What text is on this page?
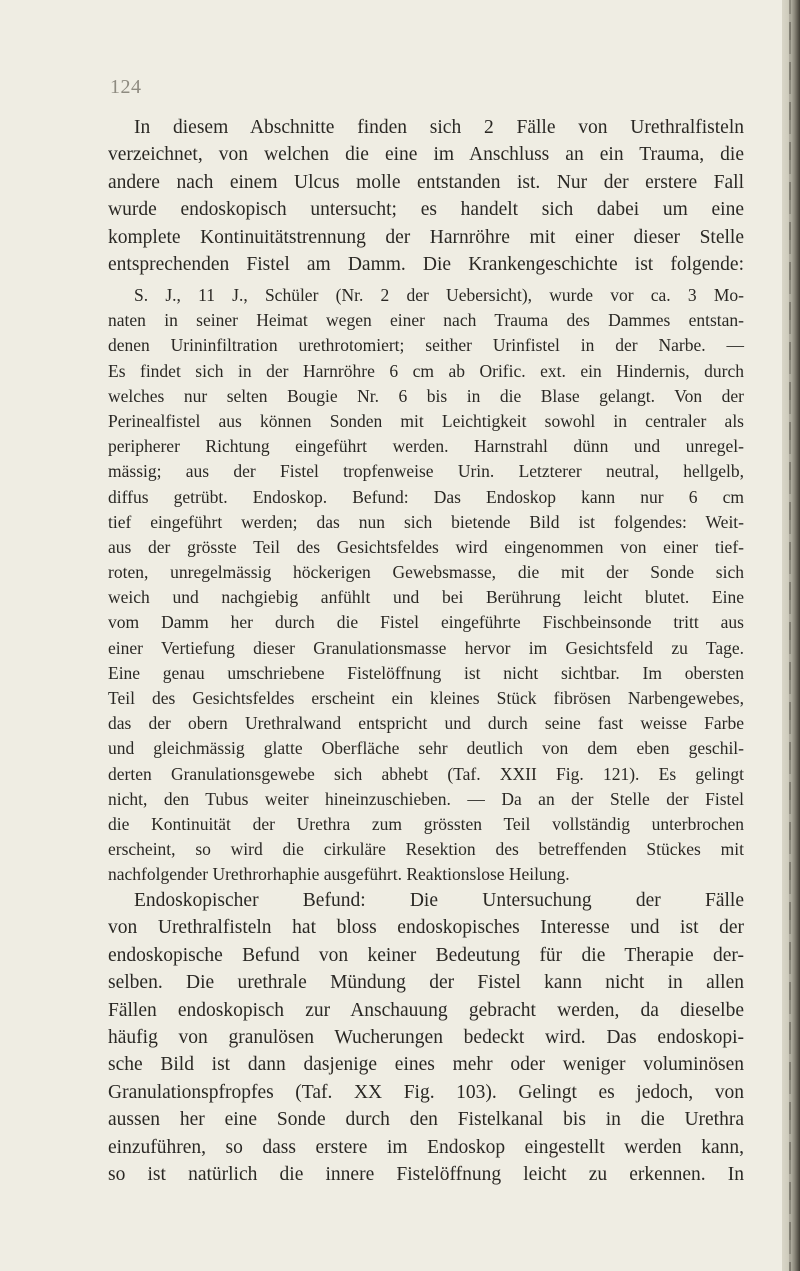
124
In diesem Abschnitte finden sich 2 Fälle von Urethralfisteln
verzeichnet, von welchen die eine im Anschluss an ein Trauma, die
andere nach einem Ulcus molle entstanden ist. Nur der erstere Fall
wurde endoskopisch untersucht; es handelt sich dabei um eine
komplete Kontinuitätstrennung der Harnröhre mit einer dieser Stelle
entsprechenden Fistel am Damm. Die Krankengeschichte ist folgende:
S. J., 11 J., Schüler (Nr. 2 der Uebersicht), wurde vor ca. 3 Mo-
naten in seiner Heimat wegen einer nach Trauma des Dammes entstan-
denen Urininfiltration urethrotomiert; seither Urinfistel in der Narbe. —
Es findet sich in der Harnröhre 6 cm ab Orific. ext. ein Hindernis, durch
welches nur selten Bougie Nr. 6 bis in die Blase gelangt. Von der
Perinealfistel aus können Sonden mit Leichtigkeit sowohl in centraler als
peripherer Richtung eingeführt werden. Harnstrahl dünn und unregel-
mässig; aus der Fistel tropfenweise Urin. Letzterer neutral, hellgelb,
diffus getrübt. Endoskop. Befund: Das Endoskop kann nur 6 cm
tief eingeführt werden; das nun sich bietende Bild ist folgendes: Weit-
aus der grösste Teil des Gesichtsfeldes wird eingenommen von einer tief-
roten, unregelmässig höckerigen Gewebsmasse, die mit der Sonde sich
weich und nachgiebig anfühlt und bei Berührung leicht blutet. Eine
vom Damm her durch die Fistel eingeführte Fischbeinsonde tritt aus
einer Vertiefung dieser Granulationsmasse hervor im Gesichtsfeld zu Tage.
Eine genau umschriebene Fistelöffnung ist nicht sichtbar. Im obersten
Teil des Gesichtsfeldes erscheint ein kleines Stück fibrösen Narbengewebes,
das der obern Urethralwand entspricht und durch seine fast weisse Farbe
und gleichmässig glatte Oberfläche sehr deutlich von dem eben geschil-
derten Granulationsgewebe sich abhebt (Taf. XXII Fig. 121). Es gelingt
nicht, den Tubus weiter hineinzuschieben. — Da an der Stelle der Fistel
die Kontinuität der Urethra zum grössten Teil vollständig unterbrochen
erscheint, so wird die cirkuläre Resektion des betreffenden Stückes mit
nachfolgender Urethrorhaphie ausgeführt. Reaktionslose Heilung.
Endoskopischer Befund: Die Untersuchung der Fälle
von Urethralfisteln hat bloss endoskopisches Interesse und ist der
endoskopische Befund von keiner Bedeutung für die Therapie der-
selben. Die urethrale Mündung der Fistel kann nicht in allen
Fällen endoskopisch zur Anschauung gebracht werden, da dieselbe
häufig von granulösen Wucherungen bedeckt wird. Das endoskopi-
sche Bild ist dann dasjenige eines mehr oder weniger voluminösen
Granulationspfropfes (Taf. XX Fig. 103). Gelingt es jedoch, von
aussen her eine Sonde durch den Fistelkanal bis in die Urethra
einzuführen, so dass erstere im Endoskop eingestellt werden kann,
so ist natürlich die innere Fistelöffnung leicht zu erkennen. In
